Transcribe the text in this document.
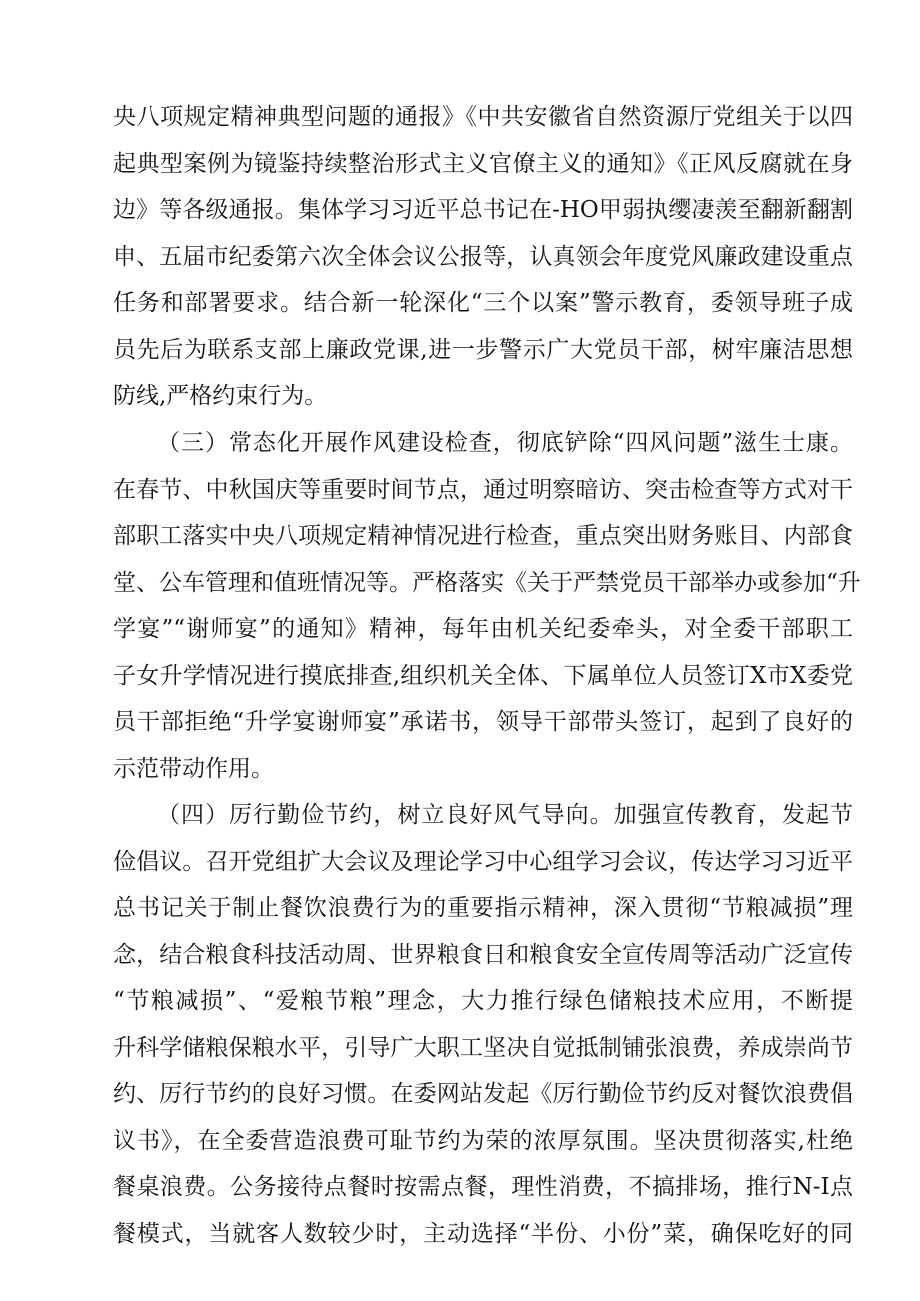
央八项规定精神典型问题的通报》《中共安徽省自然资源厅党组关于以四
起典型案例为镜鉴持续整治形式主义官僚主义的通知》《正风反腐就在身
边》等各级通报。集体学习习近平总书记在-HO甲弱执缨凄羡至翻新翻割
申、五届市纪委第六次全体会议公报等，认真领会年度党风廉政建设重点
任务和部署要求。结合新一轮深化“三个以案”警示教育，委领导班子成
员先后为联系支部上廉政党课,进一步警示广大党员干部，树牢廉洁思想
防线,严格约束行为。
（三）常态化开展作风建设检查，彻底铲除“四风问题”滋生士康。
在春节、中秋国庆等重要时间节点，通过明察暗访、突击检查等方式对干
部职工落实中央八项规定精神情况进行检查，重点突出财务账目、内部食
堂、公车管理和值班情况等。严格落实《关于严禁党员干部举办或参加“升
学宴”“谢师宴”的通知》精神，每年由机关纪委牵头，对全委干部职工
子女升学情况进行摸底排查,组织机关全体、下属单位人员签订X市X委党
员干部拒绝“升学宴谢师宴”承诺书，领导干部带头签订，起到了良好的
示范带动作用。
（四）厉行勤俭节约，树立良好风气导向。加强宣传教育，发起节
俭倡议。召开党组扩大会议及理论学习中心组学习会议，传达学习习近平
总书记关于制止餐饮浪费行为的重要指示精神，深入贯彻“节粮减损”理
念，结合粮食科技活动周、世界粮食日和粮食安全宣传周等活动广泛宣传
“节粮减损”、“爱粮节粮”理念，大力推行绿色储粮技术应用，不断提
升科学储粮保粮水平，引导广大职工坚决自觉抵制铺张浪费，养成崇尚节
约、厉行节约的良好习惯。在委网站发起《厉行勤俭节约反对餐饮浪费倡
议书》，在全委营造浪费可耻节约为荣的浓厚氛围。坚决贯彻落实,杜绝
餐桌浪费。公务接待点餐时按需点餐，理性消费，不搞排场，推行N-I点
餐模式，当就客人数较少时，主动选择“半份、小份”菜，确保吃好的同
